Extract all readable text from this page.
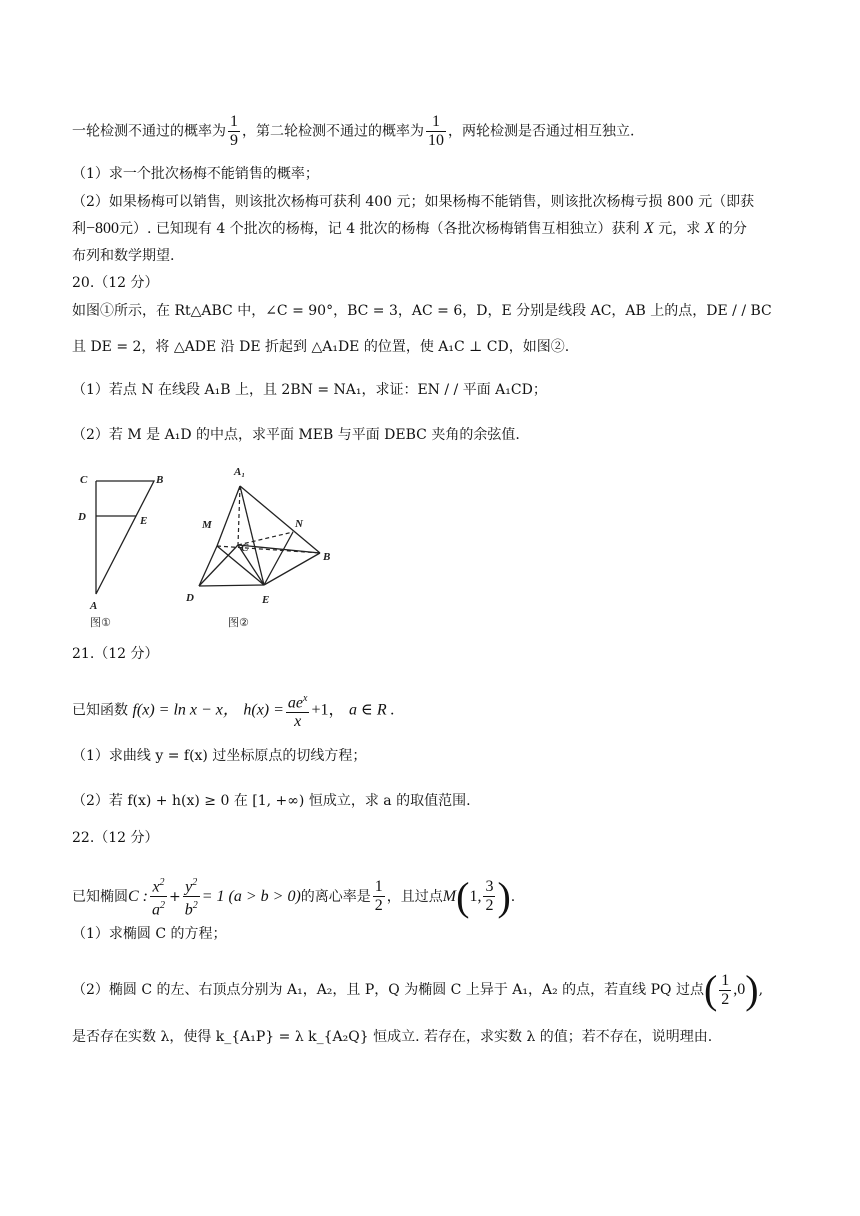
一轮检测不通过的概率为 $\frac{1}{9}$ ，第二轮检测不通过的概率为 $\frac{1}{10}$ ，两轮检测是否通过相互独立.
（1）求一个批次杨梅不能销售的概率；
（2）如果杨梅可以销售，则该批次杨梅可获利 400 元；如果杨梅不能销售，则该批次杨梅亏损 800 元（即获
利−800元）. 已知现有 4 个批次的杨梅，记 4 批次的杨梅（各批次杨梅销售互相独立）获利 X 元，求 X 的分
布列和数学期望.
20.（12 分）
如图①所示，在 Rt△ABC 中，∠C = 90°，BC = 3，AC = 6，D，E 分别是线段 AC，AB 上的点，DE / / BC
且 DE = 2，将 △ADE 沿 DE 折起到 △A₁DE 的位置，使 A₁C ⊥ CD，如图②.
（1）若点 N 在线段 A₁B 上，且 2BN = NA₁，求证：EN / / 平面 A₁CD；
（2）若 M 是 A₁D 的中点，求平面 MEB 与平面 DEBC 夹角的余弦值.
C	B
D	E
A
图①
A₁
M	N
C
B
D	E
图②
21.（12 分）
已知函数 f(x) = ln x − x， $h(x) = \frac{ae^x}{x} +1$， a ∈ R .
（1）求曲线 y = f(x) 过坐标原点的切线方程；
（2）若 f(x) + h(x) ≥ 0 在 [1, +∞) 恒成立，求 a 的取值范围.
22.（12 分）
已知椭圆C : $\frac{x^2}{a^2} + \frac{y^2}{b^2} = 1$ (a > b > 0)的离心率是 $\frac{1}{2}$ ，且过点M(1, $\frac{3}{2}$ ).
（1）求椭圆 C 的方程；
（2）椭圆 C 的左、右顶点分别为 A₁，A₂，且 P，Q 为椭圆 C 上异于 A₁，A₂ 的点，若直线 PQ 过点( $\frac{1}{2} ,0$),
是否存在实数 λ，使得 k_{A₁P} = λ k_{A₂Q} 恒成立. 若存在，求实数 λ 的值；若不存在，说明理由.
